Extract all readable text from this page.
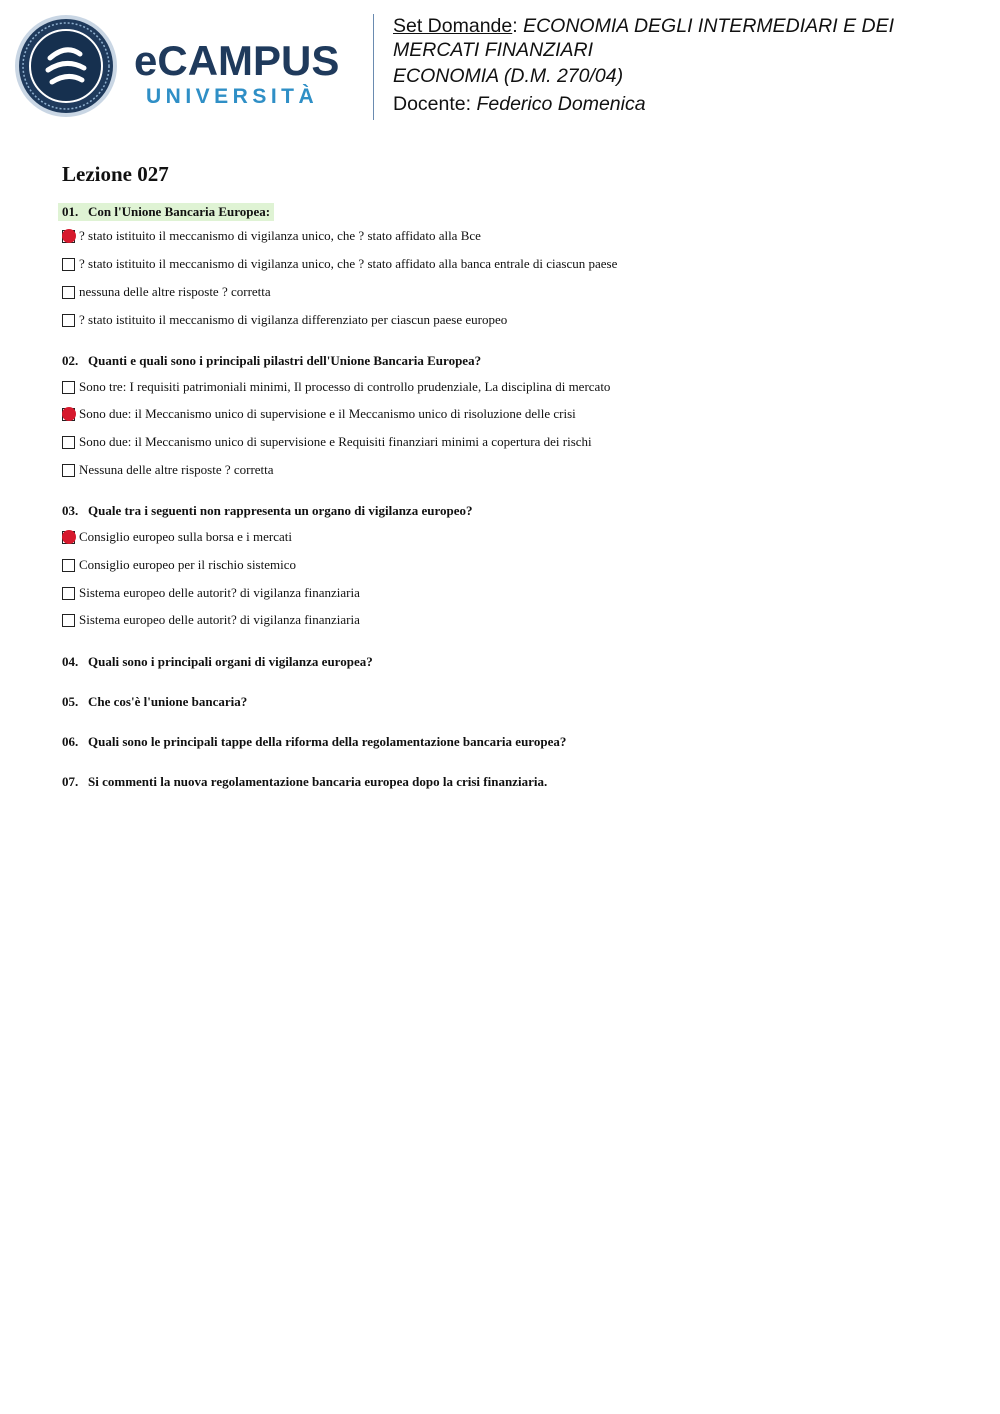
eCAMPUS
UNIVERSITÀ

Set Domande: ECONOMIA DEGLI INTERMEDIARI E DEI MERCATI FINANZIARI

ECONOMIA (D.M. 270/04)

Docente: Federico Domenica

Lezione 027
01. Con l'Unione Bancaria Europea:
? stato istituito il meccanismo di vigilanza unico, che ? stato affidato alla Bce
? stato istituito il meccanismo di vigilanza unico, che ? stato affidato alla banca entrale di ciascun paese
nessuna delle altre risposte ? corretta
? stato istituito il meccanismo di vigilanza differenziato per ciascun paese europeo
02. Quanti e quali sono i principali pilastri dell'Unione Bancaria Europea?
Sono tre: I requisiti patrimoniali minimi, Il processo di controllo prudenziale, La disciplina di mercato
Sono due: il Meccanismo unico di supervisione e il Meccanismo unico di risoluzione delle crisi
Sono due: il Meccanismo unico di supervisione e Requisiti finanziari minimi a copertura dei rischi
Nessuna delle altre risposte ? corretta
03. Quale tra i seguenti non rappresenta un organo di vigilanza europeo?
Consiglio europeo sulla borsa e i mercati
Consiglio europeo per il rischio sistemico
Sistema europeo delle autorit? di vigilanza finanziaria
Sistema europeo delle autorit? di vigilanza finanziaria
04. Quali sono i principali organi di vigilanza europea?
05. Che cos'è l'unione bancaria?
06. Quali sono le principali tappe della riforma della regolamentazione bancaria europea?
07. Si commenti la nuova regolamentazione bancaria europea dopo la crisi finanziaria.
